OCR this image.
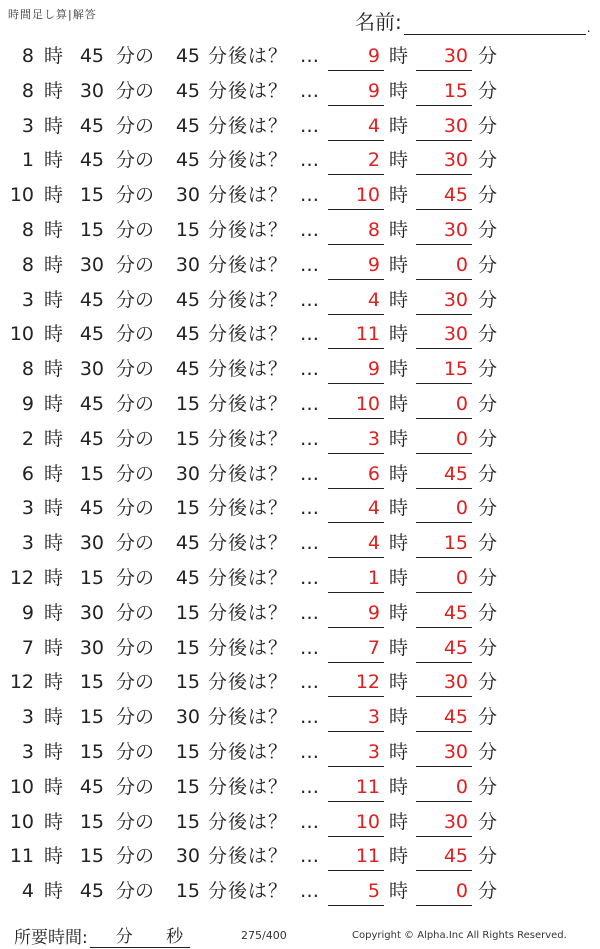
時間足し算|解答	名前:	.
8 時 45 分の	45 分後は？ …	9 時	30 分
8 時 30 分の	45 分後は？ …	9 時	15 分
3 時 45 分の	45 分後は？ …	4 時	30 分
1 時 45 分の	45 分後は？ …	2 時	30 分
10 時 15 分の	30 分後は？ …	10 時	45 分
8 時 15 分の	15 分後は？ …	8 時	30 分
8 時 30 分の	30 分後は？ …	9 時	0 分
3 時 45 分の	45 分後は？ …	4 時	30 分
10 時 45 分の	45 分後は？ …	11 時	30 分
8 時 30 分の	45 分後は？ …	9 時	15 分
9 時 45 分の	15 分後は？ …	10 時	0 分
2 時 45 分の	15 分後は？ …	3 時	0 分
6 時 15 分の	30 分後は？ …	6 時	45 分
3 時 45 分の	15 分後は？ …	4 時	0 分
3 時 30 分の	45 分後は？ …	4 時	15 分
12 時 15 分の	45 分後は？ …	1 時	0 分
9 時 30 分の	15 分後は？ …	9 時	45 分
7 時 30 分の	15 分後は？ …	7 時	45 分
12 時 15 分の	15 分後は？ …	12 時	30 分
3 時 15 分の	30 分後は？ …	3 時	45 分
3 時 15 分の	15 分後は？ …	3 時	30 分
10 時 45 分の	15 分後は？ …	11 時	0 分
10 時 15 分の	15 分後は？ …	10 時	30 分
11 時 15 分の	30 分後は？ …	11 時	45 分
4 時 45 分の	15 分後は？ …	5 時	0 分
所要時間:	分 秒	275/400	Copyright © Alpha.Inc All Rights Reserved.
